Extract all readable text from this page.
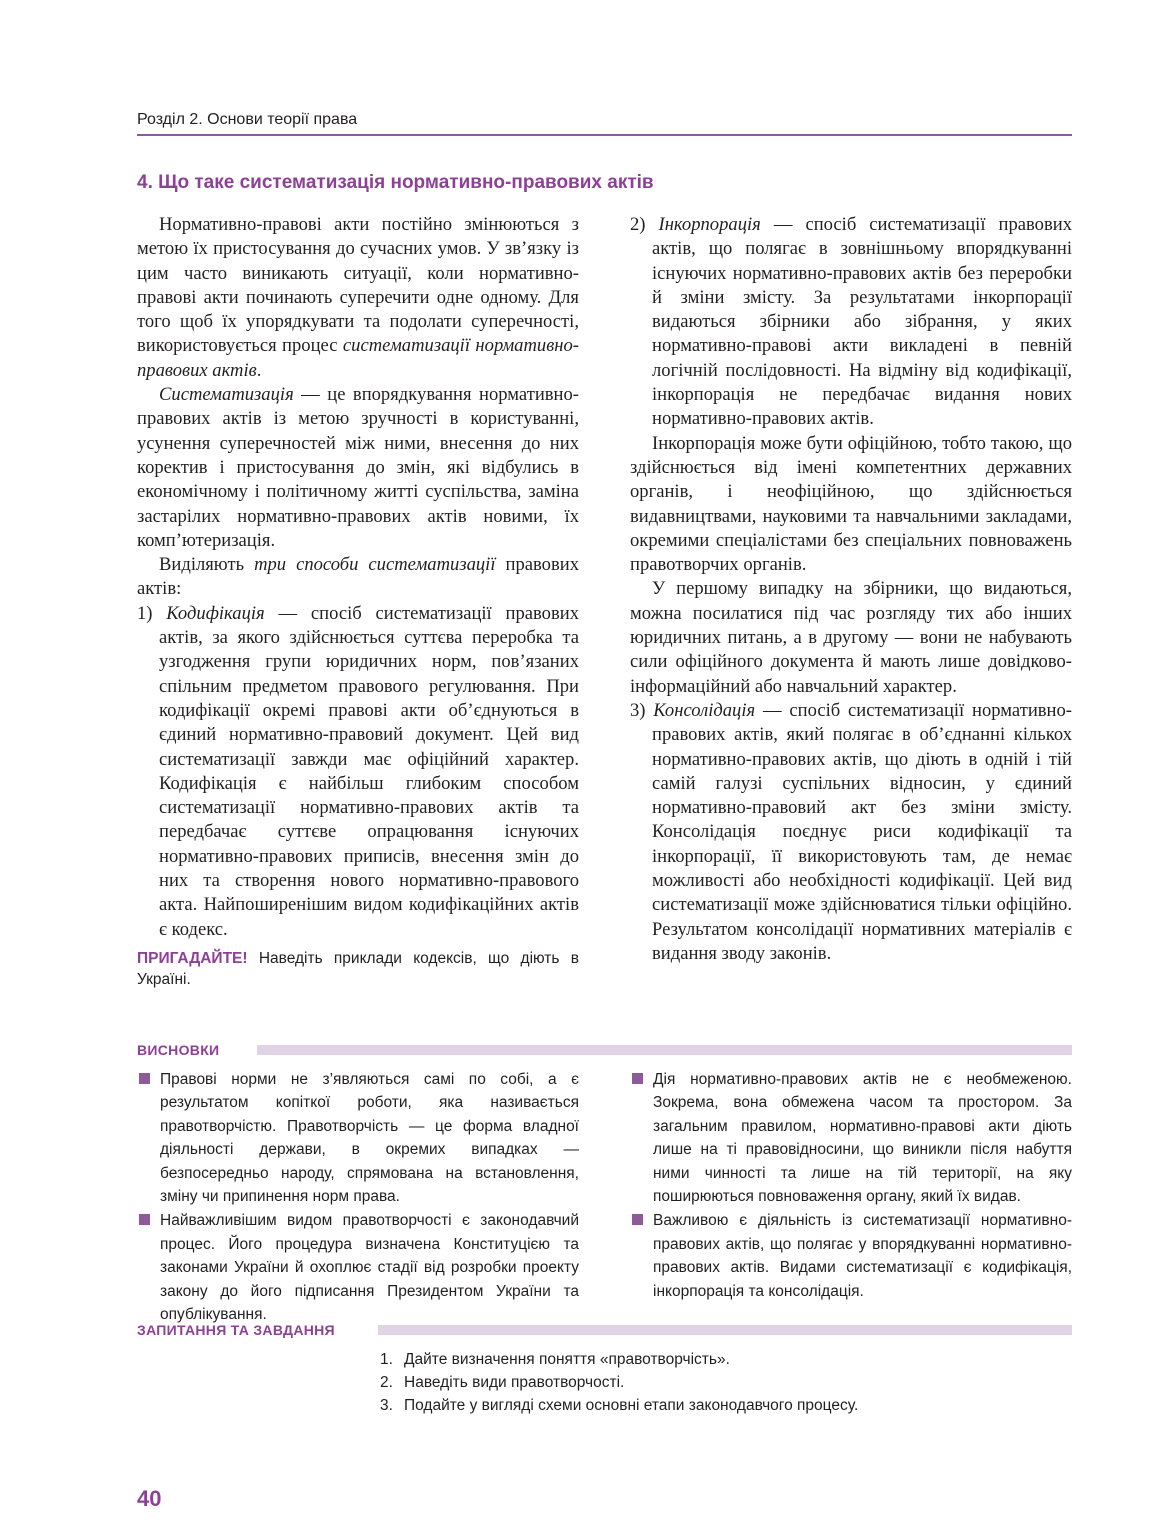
Розділ 2. Основи теорії права
4. Що таке систематизація нормативно-правових актів

Нормативно-правові акти постійно змінюються з метою їх пристосування до сучасних умов. У зв’язку із цим часто виникають ситуації, коли нормативно-правові акти починають суперечити одне одному. Для того щоб їх упорядкувати та подолати суперечності, використовується процес систематизації нормативно-правових актів.

Систематизація — це впорядкування нормативно-правових актів із метою зручності в користуванні, усунення суперечностей між ними, внесення до них коректив і пристосування до змін, які відбулись в економічному і політичному житті суспільства, заміна застарілих нормативно-правових актів новими, їх комп’ютеризація.

Виділяють три способи систематизації правових актів:

1) Кодифікація — спосіб систематизації правових актів, за якого здійснюється суттєва переробка та узгодження групи юридичних норм, пов’язаних спільним предметом правового регулювання. При кодифікації окремі правові акти об’єднуються в єдиний нормативно-правовий документ. Цей вид систематизації завжди має офіційний характер. Кодифікація є найбільш глибоким способом систематизації нормативно-правових актів та передбачає суттєве опрацювання існуючих нормативно-правових приписів, внесення змін до них та створення нового нормативно-правового акта. Найпоширенішим видом кодифікаційних актів є кодекс.

ПРИГАДАЙТЕ! Наведіть приклади кодексів, що діють в Україні.

2) Інкорпорація — спосіб систематизації правових актів, що полягає в зовнішньому впорядкуванні існуючих нормативно-правових актів без переробки й зміни змісту. За результатами інкорпорації видаються збірники або зібрання, у яких нормативно-правові акти викладені в певній логічній послідовності. На відміну від кодифікації, інкорпорація не передбачає видання нових нормативно-правових актів.

Інкорпорація може бути офіційною, тобто такою, що здійснюється від імені компетентних державних органів, і неофіційною, що здійснюється видавництвами, науковими та навчальними закладами, окремими спеціалістами без спеціальних повноважень правотворчих органів.

У першому випадку на збірники, що видаються, можна посилатися під час розгляду тих або інших юридичних питань, а в другому — вони не набувають сили офіційного документа й мають лише довідково-інформаційний або навчальний характер.

3) Консолідація — спосіб систематизації нормативно-правових актів, який полягає в об’єднанні кількох нормативно-правових актів, що діють в одній і тій самій галузі суспільних відносин, у єдиний нормативно-правовий акт без зміни змісту. Консолідація поєднує риси кодифікації та інкорпорації, її використовують там, де немає можливості або необхідності кодифікації. Цей вид систематизації може здійснюватися тільки офіційно. Результатом консолідації нормативних матеріалів є видання зводу законів.

ВИСНОВКИ
Правові норми не з’являються самі по собі, а є результатом копіткої роботи, яка називається правотворчістю. Правотворчість — це форма владної діяльності держави, в окремих випадках — безпосередньо народу, спрямована на встановлення, зміну чи припинення норм права.
Найважливішим видом правотворчості є законодавчий процес. Його процедура визначена Конституцією та законами України й охоплює стадії від розробки проекту закону до його підписання Президентом України та опублікування.
Дія нормативно-правових актів не є необмеженою. Зокрема, вона обмежена часом та простором. За загальним правилом, нормативно-правові акти діють лише на ті правовідносини, що виникли після набуття ними чинності та лише на тій території, на яку поширюються повноваження органу, який їх видав.
Важливою є діяльність із систематизації нормативно-правових актів, що полягає у впорядкуванні нормативно-правових актів. Видами систематизації є кодифікація, інкорпорація та консолідація.
ЗАПИТАННЯ ТА ЗАВДАННЯ
1. Дайте визначення поняття «правотворчість».
2. Наведіть види правотворчості.
3. Подайте у вигляді схеми основні етапи законодавчого процесу.
40
